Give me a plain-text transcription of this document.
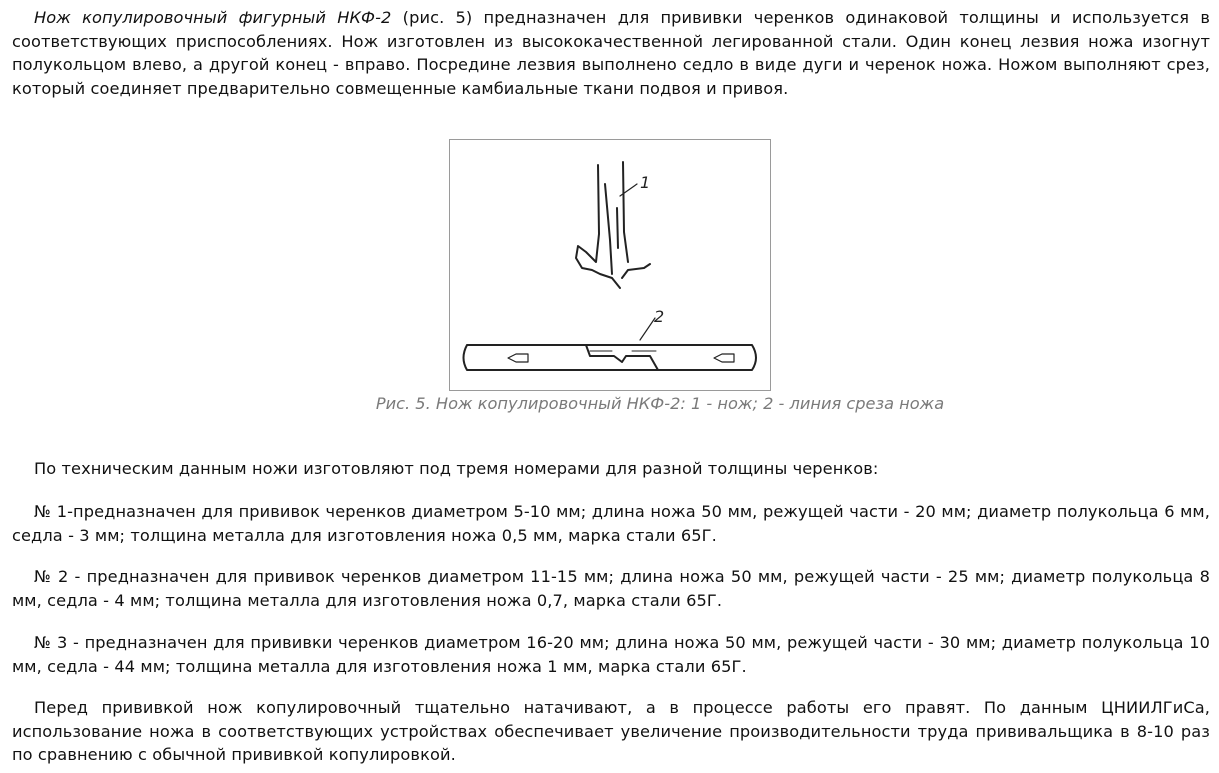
Нож копулировочный фигурный НКФ-2 (рис. 5) предназначен для прививки черенков одинаковой толщины и используется в соответствующих приспособлениях. Нож изготовлен из высококачественной легированной стали. Один конец лезвия ножа изогнут полукольцом влево, а другой конец - вправо. Посредине лезвия выполнено седло в виде дуги и черенок ножа. Ножом выполняют срез, который соединяет предварительно совмещенные камбиальные ткани подвоя и привоя.

1
2
Рис. 5. Нож копулировочный НКФ-2: 1 - нож; 2 - линия среза ножа

По техническим данным ножи изготовляют под тремя номерами для разной толщины черенков:

№ 1-предназначен для прививок черенков диаметром 5-10 мм; длина ножа 50 мм, режущей части - 20 мм; диаметр полукольца 6 мм, седла - 3 мм; толщина металла для изготовления ножа 0,5 мм, марка стали 65Г.

№ 2 - предназначен для прививок черенков диаметром 11-15 мм; длина ножа 50 мм, режущей части - 25 мм; диаметр полукольца 8 мм, седла - 4 мм; толщина металла для изготовления ножа 0,7, марка стали 65Г.

№ 3 - предназначен для прививки черенков диаметром 16-20 мм; длина ножа 50 мм, режущей части - 30 мм; диаметр полукольца 10 мм, седла - 44 мм; толщина металла для изготовления ножа 1 мм, марка стали 65Г.

Перед прививкой нож копулировочный тщательно натачивают, а в процессе работы его правят. По данным ЦНИИЛГиСа, использование ножа в соответствующих устройствах обеспечивает увеличение производительности труда прививальщика в 8-10 раз по сравнению с обычной прививкой копулировкой.
